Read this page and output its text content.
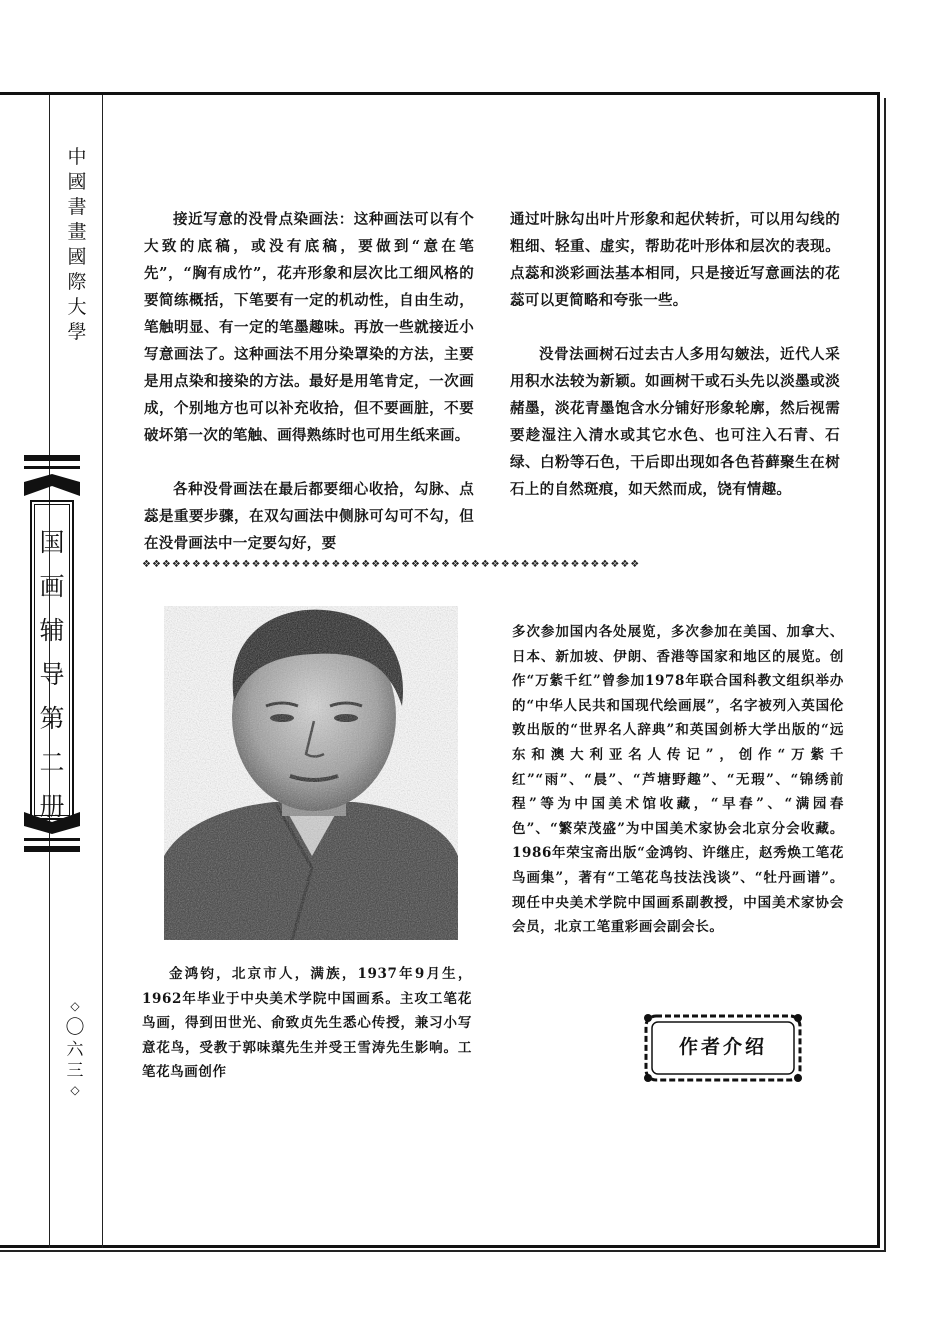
中
國
書
畫
國
際
大
學
国
画
辅
导
第
二
册
◇
〇
六
三
◇

接近写意的没骨点染画法：这种画法可以有个大致的底稿，或没有底稿，要做到“意在笔先”，“胸有成竹”，花卉形象和层次比工细风格的要简练概括，下笔要有一定的机动性，自由生动，笔触明显、有一定的笔墨趣味。再放一些就接近小写意画法了。这种画法不用分染罩染的方法，主要是用点染和接染的方法。最好是用笔肯定，一次画成，个别地方也可以补充收拾，但不要画脏，不要破坏第一次的笔触、画得熟练时也可用生纸来画。

各种没骨画法在最后都要细心收拾，勾脉、点蕊是重要步骤，在双勾画法中侧脉可勾可不勾，但在没骨画法中一定要勾好，要

通过叶脉勾出叶片形象和起伏转折，可以用勾线的粗细、轻重、虚实，帮助花叶形体和层次的表现。点蕊和淡彩画法基本相同，只是接近写意画法的花蕊可以更简略和夸张一些。

没骨法画树石过去古人多用勾皴法，近代人采用积水法较为新颖。如画树干或石头先以淡墨或淡赭墨，淡花青墨饱含水分铺好形象轮廓，然后视需要趁湿注入清水或其它水色、也可注入石青、石绿、白粉等石色，干后即出现如各色苔藓聚生在树石上的自然斑痕，如天然而成，饶有情趣。

❖❖❖❖❖❖❖❖❖❖❖❖❖❖❖❖❖❖❖❖❖❖❖❖❖❖❖❖❖❖❖❖❖❖❖❖❖❖❖❖❖❖❖❖❖❖❖❖❖❖

金鸿钧，北京市人，满族，1937年9月生，1962年毕业于中央美术学院中国画系。主攻工笔花鸟画，得到田世光、俞致贞先生悉心传授，兼习小写意花鸟，受教于郭味蕖先生并受王雪涛先生影响。工笔花鸟画创作

多次参加国内各处展览，多次参加在美国、加拿大、日本、新加坡、伊朗、香港等国家和地区的展览。创作“万紫千红”曾参加1978年联合国科教文组织举办的“中华人民共和国现代绘画展”，名字被列入英国伦敦出版的“世界名人辞典”和英国剑桥大学出版的“远东和澳大利亚名人传记”，创作“万紫千红”“雨”、“晨”、“芦塘野趣”、“无瑕”、“锦绣前程”等为中国美术馆收藏，“早春”、“满园春色”、“繁荣茂盛”为中国美术家协会北京分会收藏。1986年荣宝斋出版“金鸿钧、许继庄，赵秀焕工笔花鸟画集”，著有“工笔花鸟技法浅谈”、“牡丹画谱”。现任中央美术学院中国画系副教授，中国美术家协会会员，北京工笔重彩画会副会长。

作者介绍
